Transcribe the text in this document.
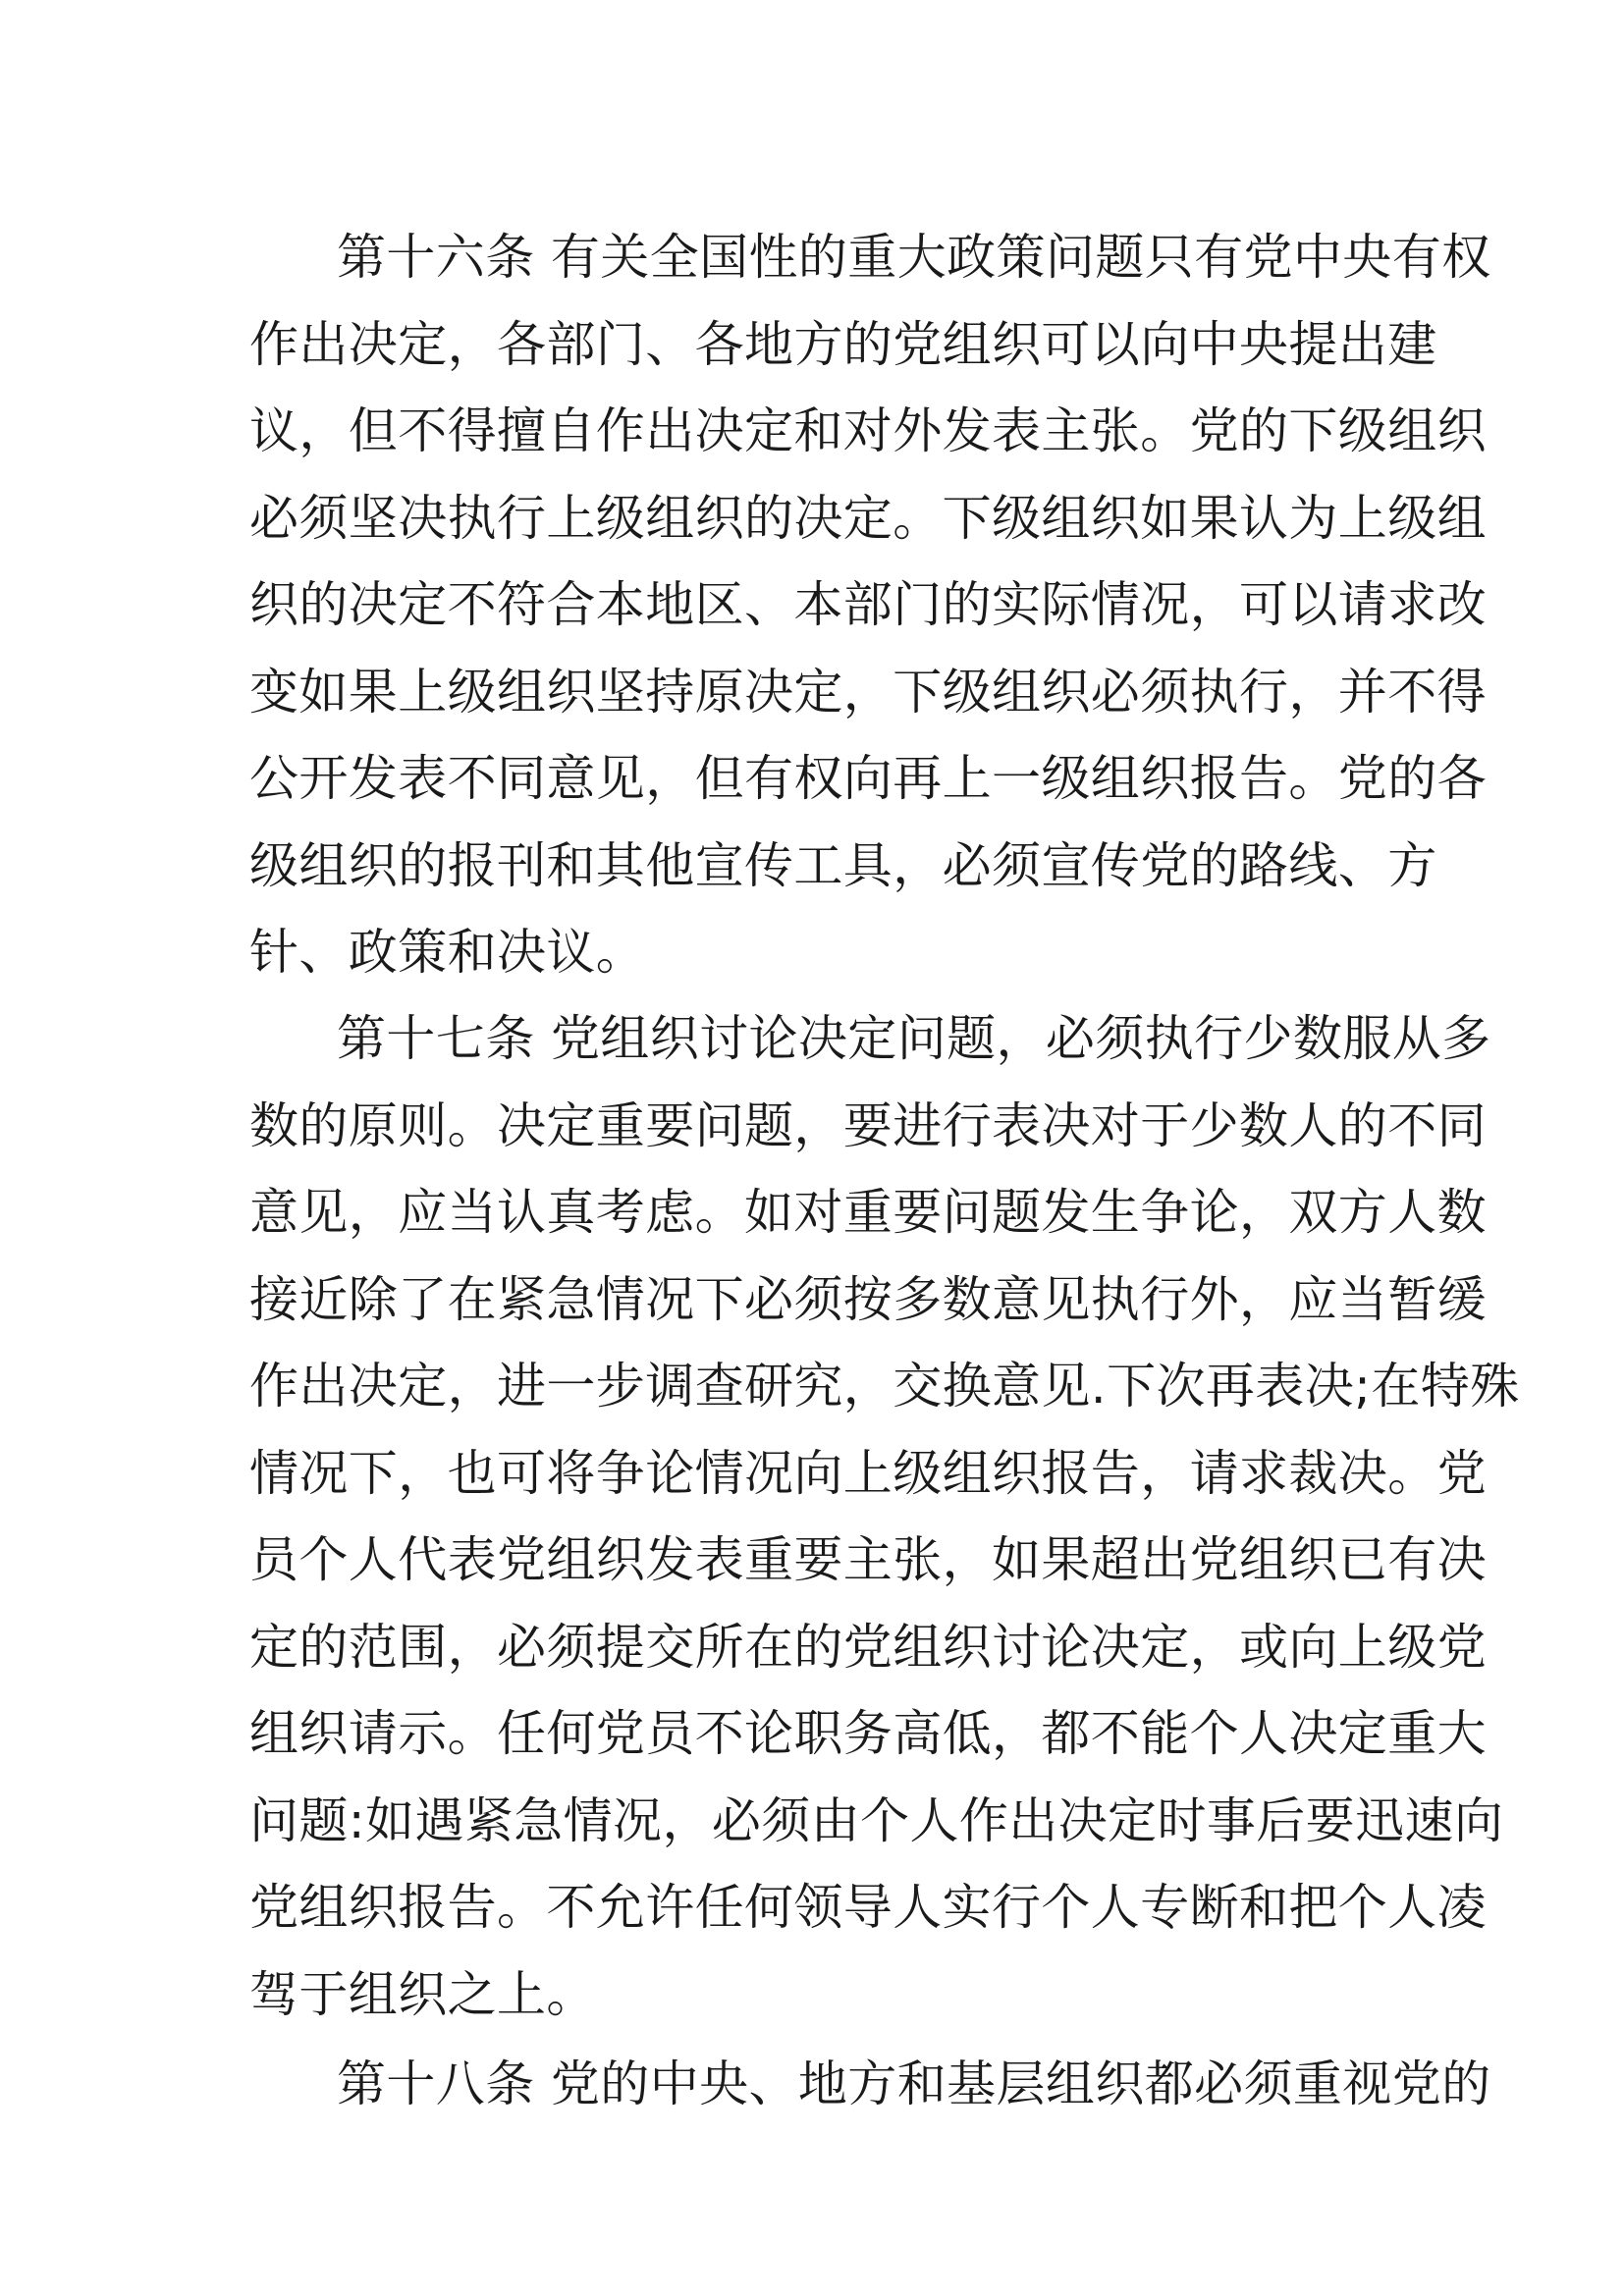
第十六条 有关全国性的重大政策问题只有党中央有权
作出决定，各部门、各地方的党组织可以向中央提出建
议，但不得擅自作出决定和对外发表主张。党的下级组织
必须坚决执行上级组织的决定。下级组织如果认为上级组
织的决定不符合本地区、本部门的实际情况，可以请求改
变如果上级组织坚持原决定，下级组织必须执行，并不得
公开发表不同意见，但有权向再上一级组织报告。党的各
级组织的报刊和其他宣传工具，必须宣传党的路线、方
针、政策和决议。
第十七条 党组织讨论决定问题，必须执行少数服从多
数的原则。决定重要问题，要进行表决对于少数人的不同
意见，应当认真考虑。如对重要问题发生争论，双方人数
接近除了在紧急情况下必须按多数意见执行外，应当暂缓
作出决定，进一步调查研究，交换意见.下次再表决;在特殊
情况下，也可将争论情况向上级组织报告，请求裁决。党
员个人代表党组织发表重要主张，如果超出党组织已有决
定的范围，必须提交所在的党组织讨论决定，或向上级党
组织请示。任何党员不论职务高低，都不能个人决定重大
问题:如遇紧急情况，必须由个人作出决定时事后要迅速向
党组织报告。不允许任何领导人实行个人专断和把个人凌
驾于组织之上。
第十八条 党的中央、地方和基层组织都必须重视党的
